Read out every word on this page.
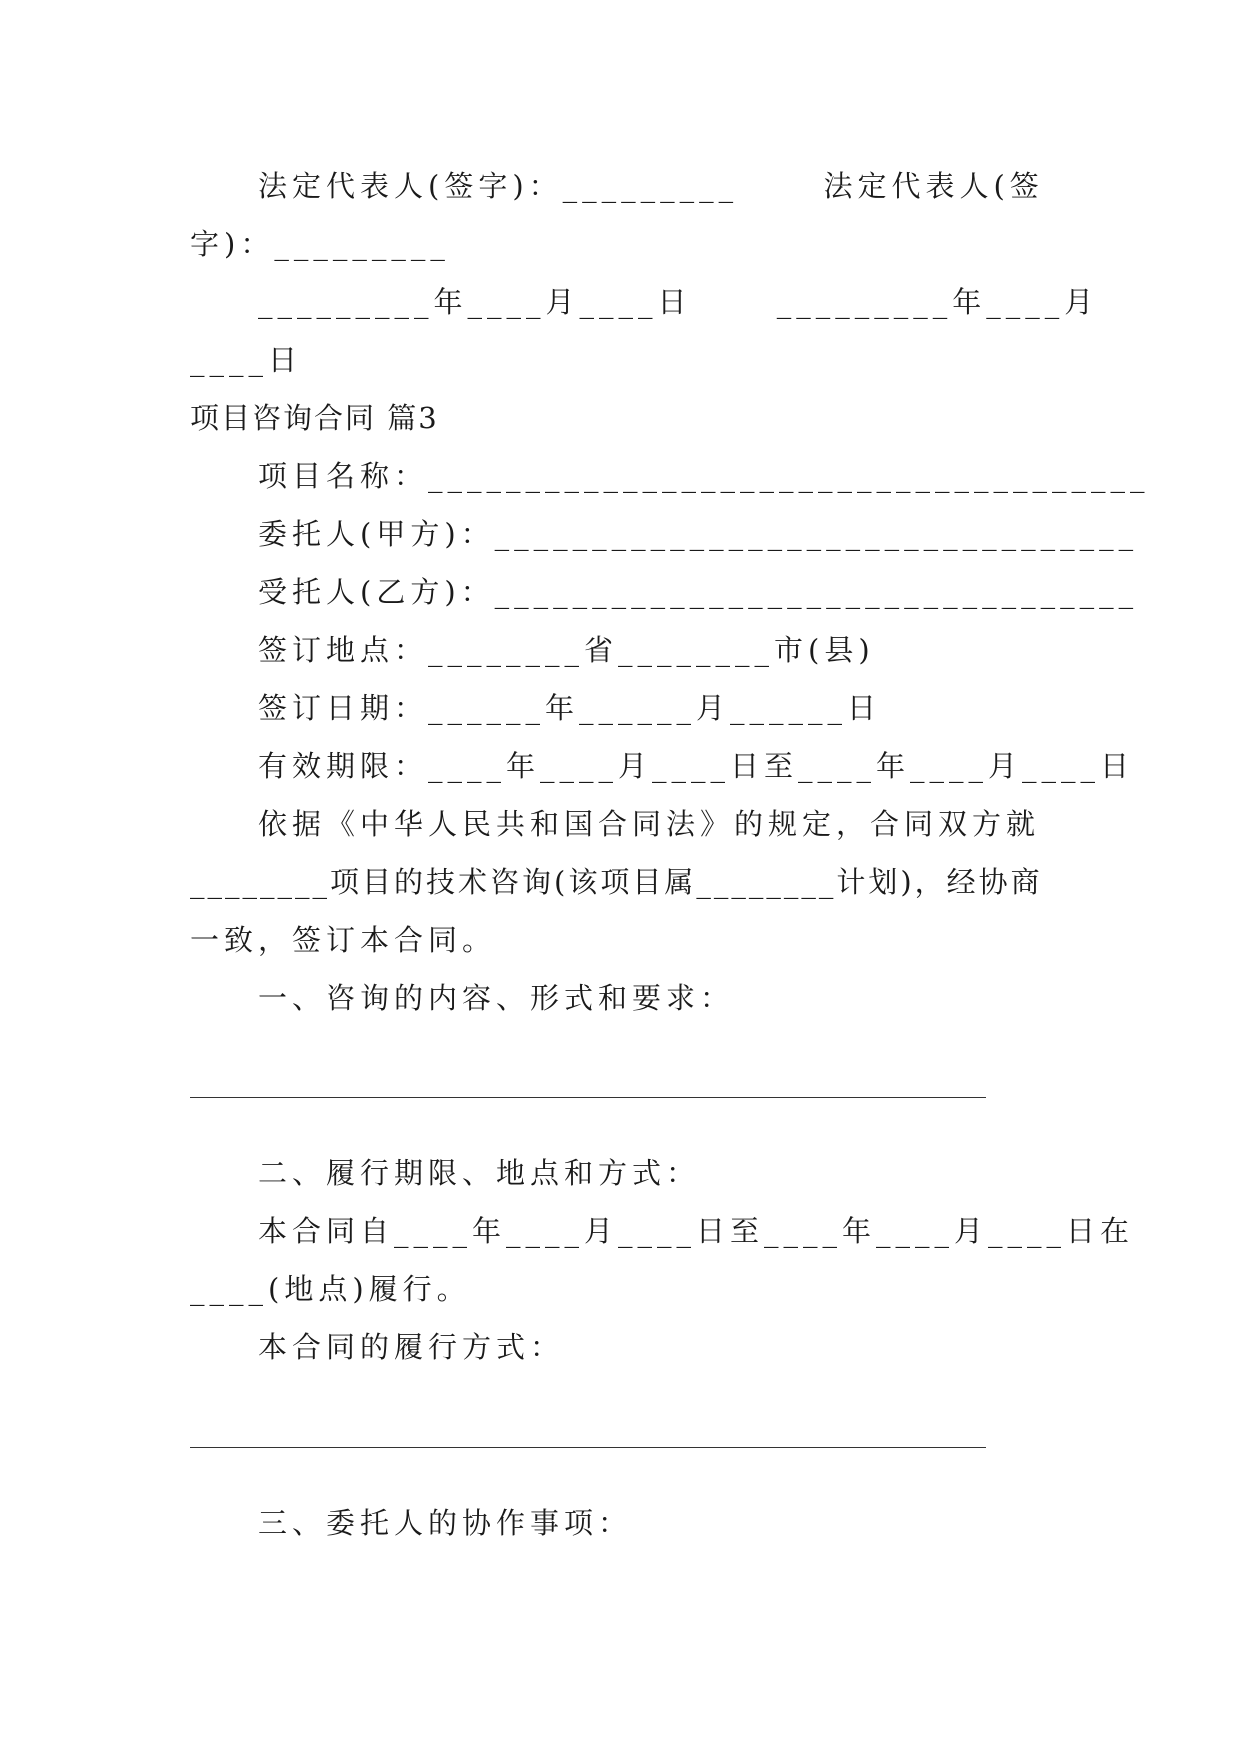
法定代表人(签字)：_________      法定代表人(签
字)：_________
_________年____月____日      _________年____月
____日
项目咨询合同 篇3
项目名称：_____________________________________
委托人(甲方)：_________________________________
受托人(乙方)：_________________________________
签订地点：________省________市(县)
签订日期：______年______月______日
有效期限：____年____月____日至____年____月____日
依据《中华人民共和国合同法》的规定，合同双方就
________项目的技术咨询(该项目属________计划)，经协商
一致，签订本合同。
一、咨询的内容、形式和要求：
二、履行期限、地点和方式：
本合同自____年____月____日至____年____月____日在
____(地点)履行。
本合同的履行方式：
三、委托人的协作事项：
